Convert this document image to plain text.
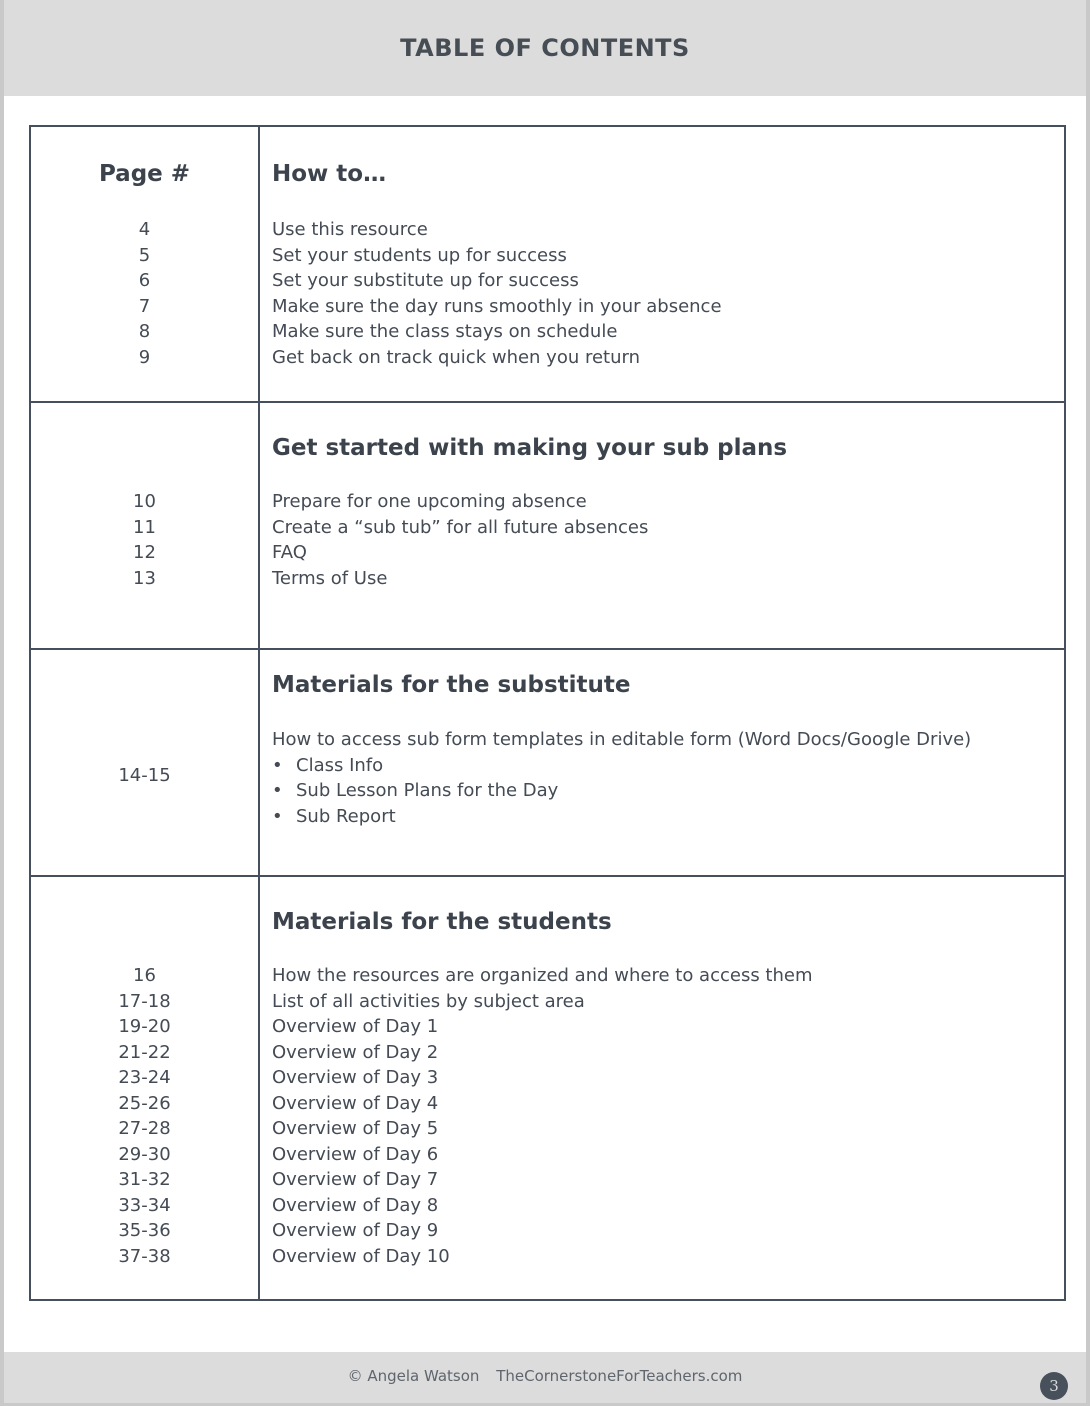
TABLE OF CONTENTS
Page #	How to…
4
5
6
7
8
9
Use this resource
Set your students up for success
Set your substitute up for success
Make sure the day runs smoothly in your absence
Make sure the class stays on schedule
Get back on track quick when you return
Get started with making your sub plans
10
11
12
13
Prepare for one upcoming absence
Create a “sub tub” for all future absences
FAQ
Terms of Use
Materials for the substitute
14-15
How to access sub form templates in editable form (Word Docs/Google Drive)
• Class Info
• Sub Lesson Plans for the Day
• Sub Report
Materials for the students
16
17-18
19-20
21-22
23-24
25-26
27-28
29-30
31-32
33-34
35-36
37-38
How the resources are organized and where to access them
List of all activities by subject area
Overview of Day 1
Overview of Day 2
Overview of Day 3
Overview of Day 4
Overview of Day 5
Overview of Day 6
Overview of Day 7
Overview of Day 8
Overview of Day 9
Overview of Day 10
© Angela Watson TheCornerstoneForTeachers.com
3
